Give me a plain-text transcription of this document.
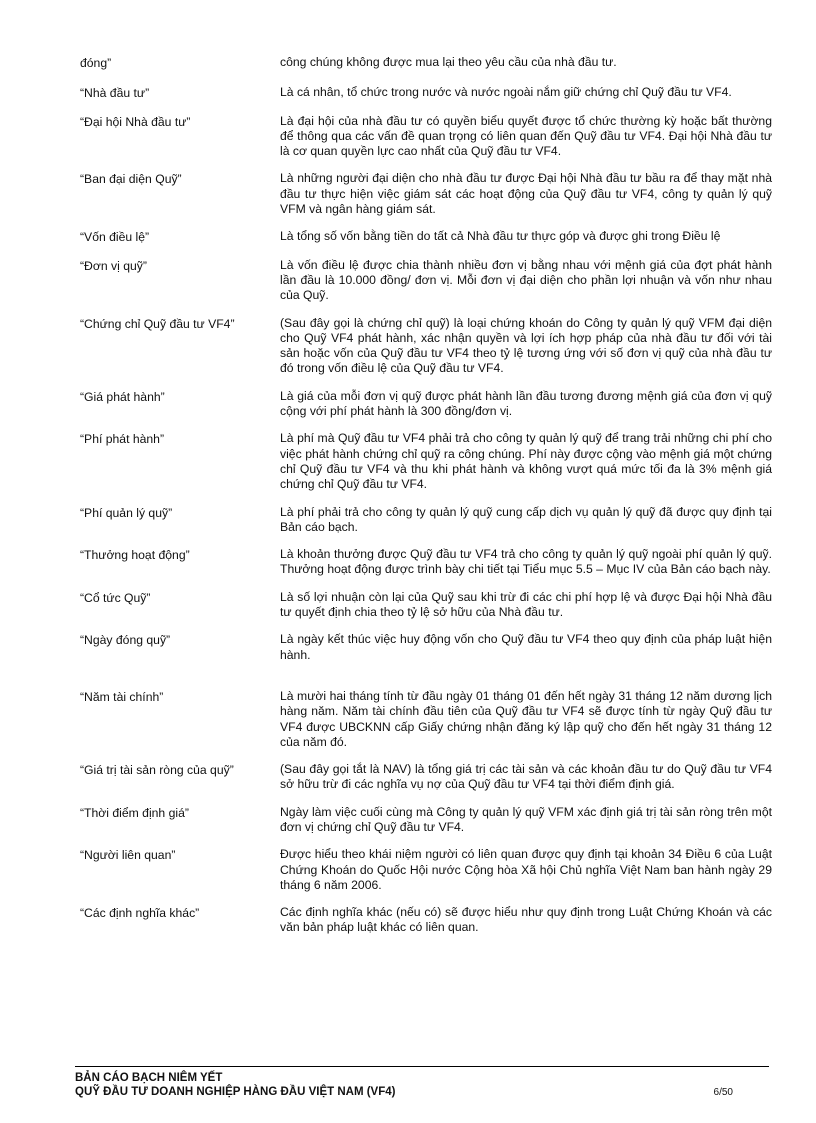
đóng”	công chúng không được mua lại theo yêu cầu của nhà đầu tư.
“Nhà đầu tư”	Là cá nhân, tổ chức trong nước và nước ngoài nắm giữ chứng chỉ Quỹ đầu tư VF4.
“Đại hội Nhà đầu tư”	Là đại hội của nhà đầu tư có quyền biểu quyết được tổ chức thường kỳ hoặc bất thường để thông qua các vấn đề quan trọng có liên quan đến Quỹ đầu tư VF4. Đại hội Nhà đầu tư là cơ quan quyền lực cao nhất của Quỹ đầu tư VF4.
“Ban đại diện Quỹ”	Là những người đại diện cho nhà đầu tư được Đại hội Nhà đầu tư bầu ra để thay mặt nhà đầu tư thực hiện việc giám sát các hoạt động của Quỹ đầu tư VF4, công ty quản lý quỹ VFM và ngân hàng giám sát.
“Vốn điều lệ”	Là tổng số vốn bằng tiền do tất cả Nhà đầu tư thực góp và được ghi trong Điều lệ
“Đơn vị quỹ”	Là vốn điều lệ được chia thành nhiều đơn vị bằng nhau với mệnh giá của đợt phát hành lần đầu là 10.000 đồng/ đơn vị. Mỗi đơn vị đại diện cho phần lợi nhuận và vốn như nhau của Quỹ.
“Chứng chỉ Quỹ đầu tư VF4”	(Sau đây gọi là chứng chỉ quỹ) là loại chứng khoán do Công ty quản lý quỹ VFM đại diện cho Quỹ VF4 phát hành, xác nhận quyền và lợi ích hợp pháp của nhà đầu tư đối với tài sản hoặc vốn của Quỹ đầu tư VF4 theo tỷ lệ tương ứng với số đơn vị quỹ của nhà đầu tư đó trong vốn điều lệ của Quỹ đầu tư VF4.
“Giá phát hành”	Là giá của mỗi đơn vị quỹ được phát hành lần đầu tương đương mệnh giá của đơn vị quỹ cộng với phí phát hành là 300 đồng/đơn vị.
“Phí phát hành”	Là phí mà Quỹ đầu tư VF4 phải trả cho công ty quản lý quỹ để trang trải những chi phí cho việc phát hành chứng chỉ quỹ ra công chúng. Phí này được cộng vào mệnh giá một chứng chỉ Quỹ đầu tư VF4 và thu khi phát hành và không vượt quá mức tối đa là 3% mệnh giá chứng chỉ Quỹ đầu tư VF4.
“Phí quản lý quỹ”	Là phí phải trả cho công ty quản lý quỹ cung cấp dịch vụ quản lý quỹ đã được quy định tại Bản cáo bạch.
“Thưởng hoạt động”	Là khoản thưởng được Quỹ đầu tư VF4 trả cho công ty quản lý quỹ ngoài phí quản lý quỹ. Thưởng hoạt động được trình bày chi tiết tại Tiểu mục 5.5 – Mục IV của Bản cáo bạch này.
“Cổ tức Quỹ”	Là số lợi nhuận còn lại của Quỹ sau khi trừ đi các chi phí hợp lệ và được Đại hội Nhà đầu tư quyết định chia theo tỷ lệ sở hữu của Nhà đầu tư.
“Ngày đóng quỹ”	Là ngày kết thúc việc huy động vốn cho Quỹ đầu tư VF4 theo quy định của pháp luật hiện hành.
“Năm tài chính”	Là mười hai tháng tính từ đầu ngày 01 tháng 01 đến hết ngày 31 tháng 12 năm dương lịch hàng năm. Năm tài chính đầu tiên của Quỹ đầu tư VF4 sẽ được tính từ ngày Quỹ đầu tư VF4 được UBCKNN cấp Giấy chứng nhận đăng ký lập quỹ cho đến hết ngày 31 tháng 12 của năm đó.
“Giá trị tài sản ròng của quỹ”	(Sau đây gọi tắt là NAV) là tổng giá trị các tài sản và các khoản đầu tư do Quỹ đầu tư VF4 sở hữu trừ đi các nghĩa vụ nợ của Quỹ đầu tư VF4 tại thời điểm định giá.
“Thời điểm định giá”	Ngày làm việc cuối cùng mà Công ty quản lý quỹ VFM xác định giá trị tài sản ròng trên một đơn vị chứng chỉ Quỹ đầu tư VF4.
“Người liên quan”	Được hiểu theo khái niệm người có liên quan được quy định tại khoản 34 Điều 6 của Luật Chứng Khoán do Quốc Hội nước Cộng hòa Xã hội Chủ nghĩa Việt Nam ban hành ngày 29 tháng 6 năm 2006.
“Các định nghĩa khác”	Các định nghĩa khác (nếu có) sẽ được hiểu như quy định trong Luật Chứng Khoán và các văn bản pháp luật khác có liên quan.
BẢN CÁO BẠCH NIÊM YẾT
QUỸ ĐẦU TƯ DOANH NGHIỆP HÀNG ĐẦU VIỆT NAM (VF4)	6/50
